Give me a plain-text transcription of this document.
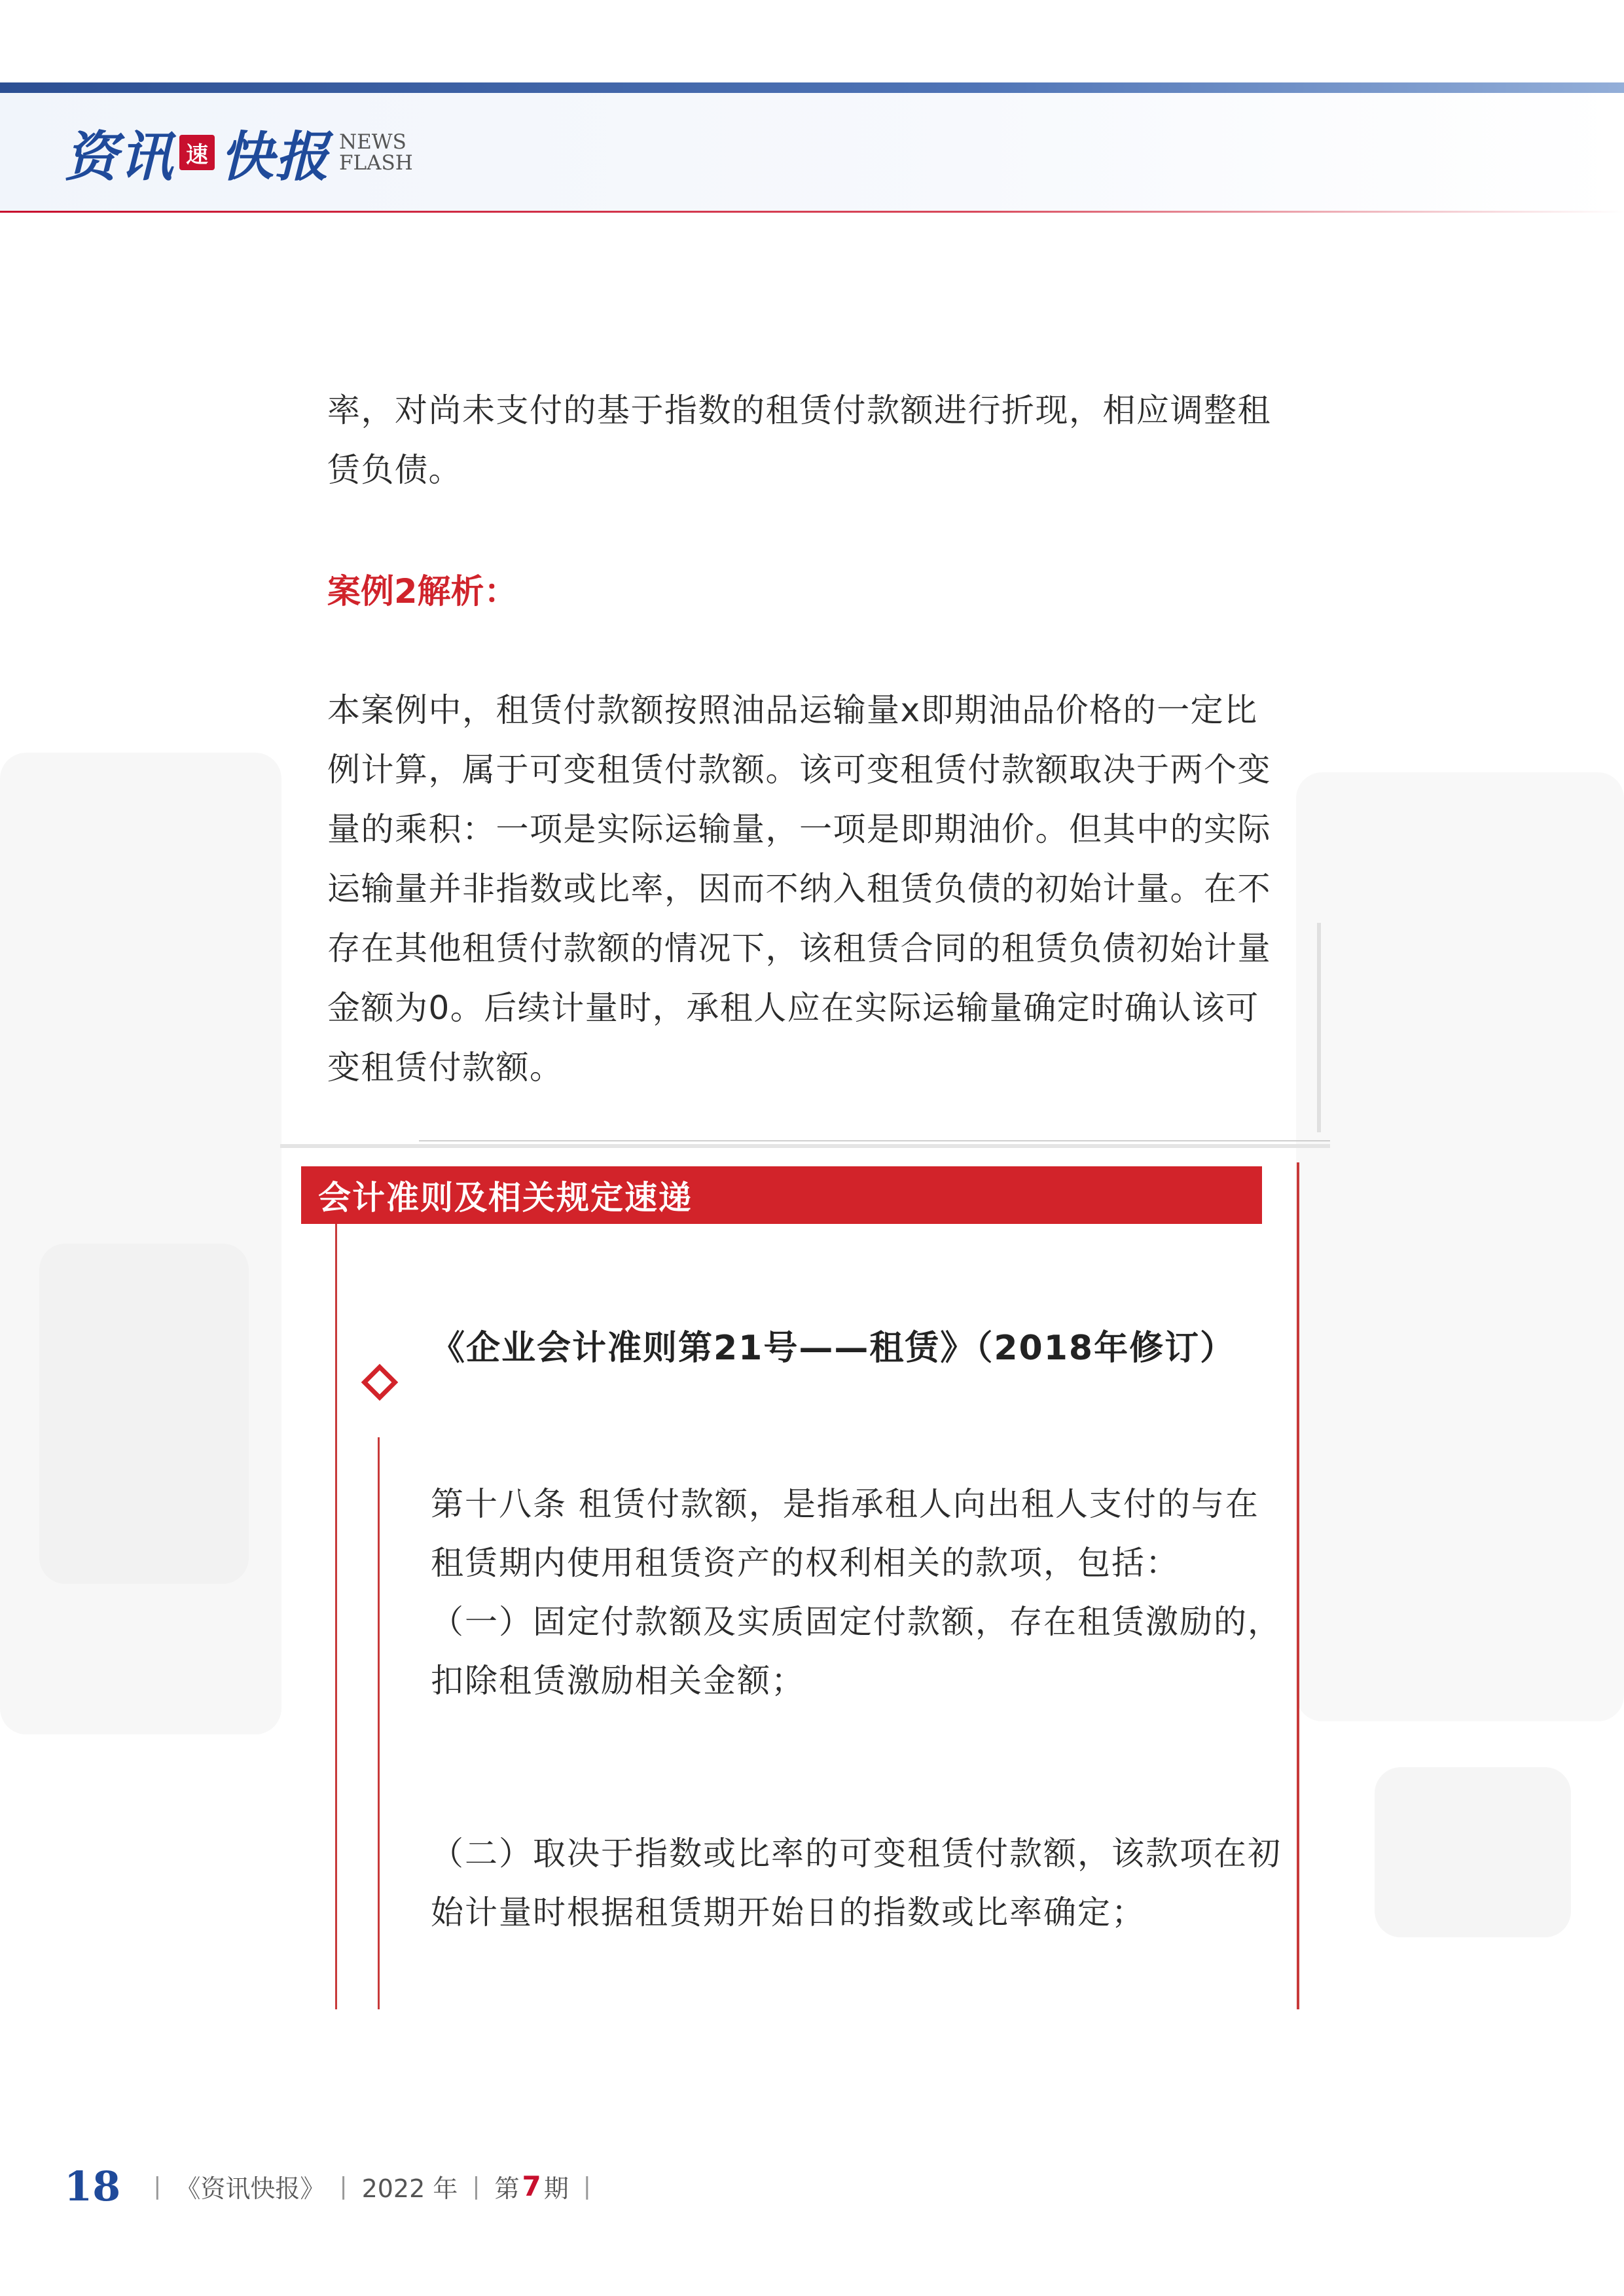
资讯 速 快报 NEWS
FLASH

率，对尚未支付的基于指数的租赁付款额进行折现，相应调整租赁负债。

案例2解析：

本案例中，租赁付款额按照油品运输量x即期油品价格的一定比例计算，属于可变租赁付款额。该可变租赁付款额取决于两个变量的乘积：一项是实际运输量，一项是即期油价。但其中的实际运输量并非指数或比率，因而不纳入租赁负债的初始计量。在不存在其他租赁付款额的情况下，该租赁合同的租赁负债初始计量金额为0。后续计量时，承租人应在实际运输量确定时确认该可变租赁付款额。

会计准则及相关规定速递

《企业会计准则第21号——租赁》（2018年修订）

第十八条 租赁付款额，是指承租人向出租人支付的与在租赁期内使用租赁资产的权利相关的款项，包括：
（一）固定付款额及实质固定付款额，存在租赁激励的，扣除租赁激励相关金额；

（二）取决于指数或比率的可变租赁付款额，该款项在初始计量时根据租赁期开始日的指数或比率确定；

18 | 《资讯快报》 | 2022 年 | 第 7 期 |
